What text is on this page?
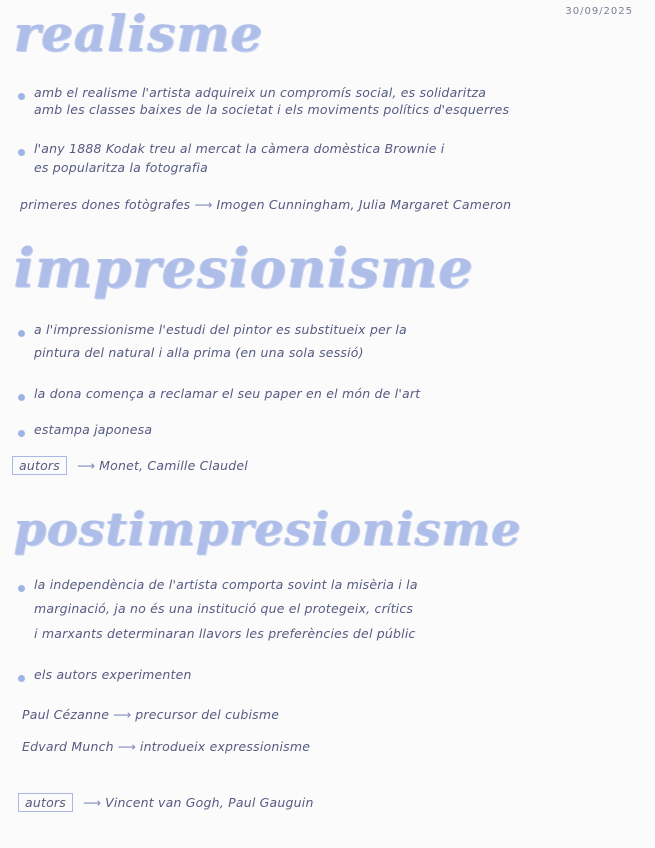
30/09/2025
realisme
amb el realisme l'artista adquireix un compromís social, es solidaritza
amb les classes baixes de la societat i els moviments polítics d'esquerres
l'any 1888 Kodak treu al mercat la càmera domèstica Brownie i
es popularitza la fotografia
primeres dones fotògrafes ⟶ Imogen Cunningham, Julia Margaret Cameron
impresionisme
a l'impressionisme l'estudi del pintor es substitueix per la
pintura del natural i alla prima (en una sola sessió)
la dona comença a reclamar el seu paper en el món de l'art
estampa japonesa
autors ⟶ Monet, Camille Claudel
postimpresionisme
la independència de l'artista comporta sovint la misèria i la
marginació, ja no és una institució que el protegeix, crítics
i marxants determinaran llavors les preferències del públic
els autors experimenten
Paul Cézanne ⟶ precursor del cubisme
Edvard Munch ⟶ introdueix expressionisme
autors ⟶ Vincent van Gogh, Paul Gauguin
